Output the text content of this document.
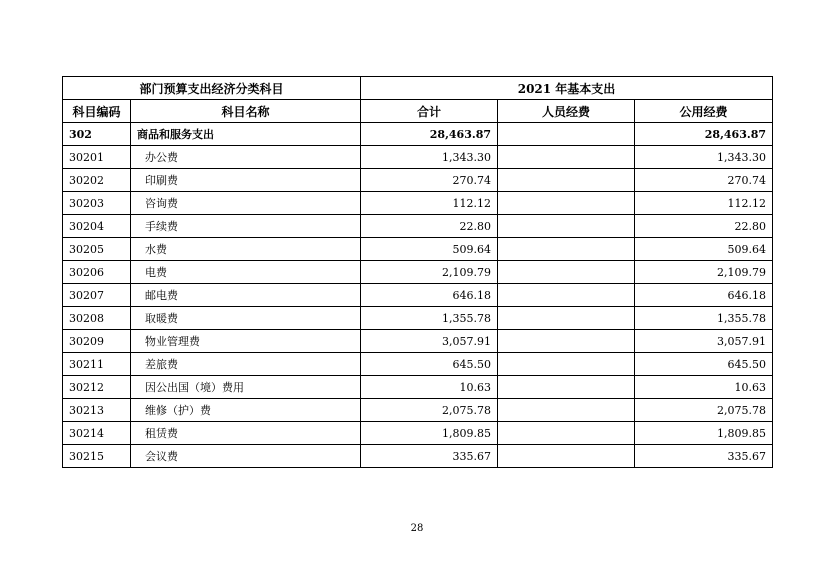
部门预算支出经济分类科目		2021 年基本支出		
科目编码	科目名称	合计	人员经费	公用经费
302	商品和服务支出	28,463.87		28,463.87
30201	办公费	1,343.30		1,343.30
30202	印刷费	270.74		270.74
30203	咨询费	112.12		112.12
30204	手续费	22.80		22.80
30205	水费	509.64		509.64
30206	电费	2,109.79		2,109.79
30207	邮电费	646.18		646.18
30208	取暖费	1,355.78		1,355.78
30209	物业管理费	3,057.91		3,057.91
30211	差旅费	645.50		645.50
30212	因公出国（境）费用	10.63		10.63
30213	维修（护）费	2,075.78		2,075.78
30214	租赁费	1,809.85		1,809.85
30215	会议费	335.67		335.67
28
